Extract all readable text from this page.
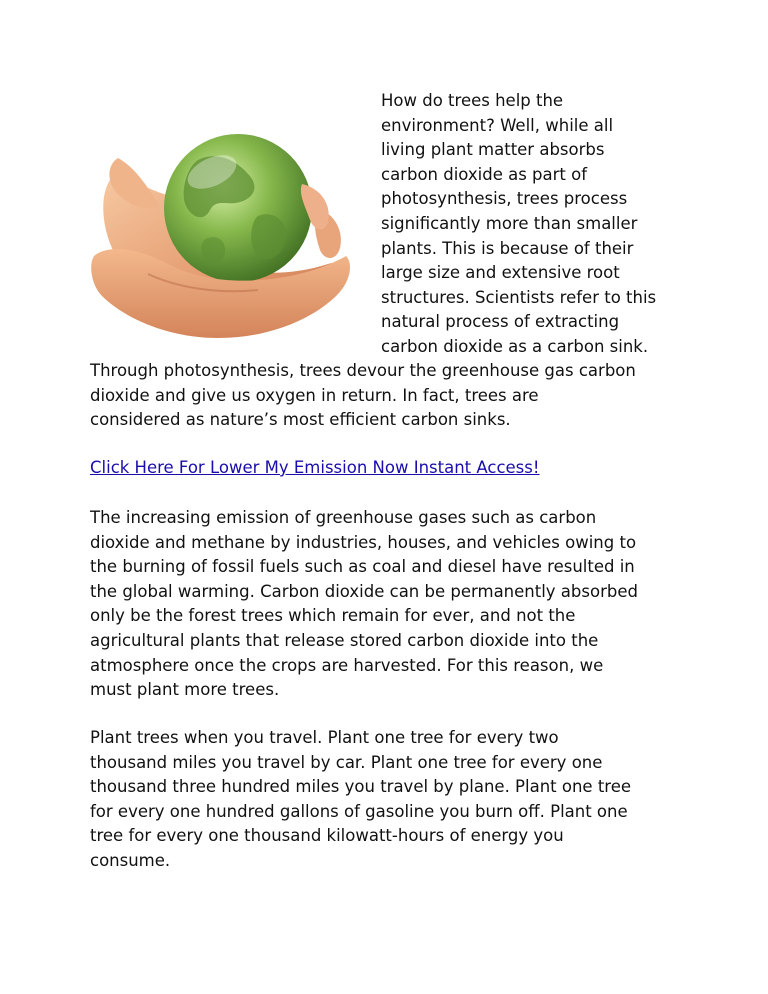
How do trees help the
environment? Well, while all
living plant matter absorbs
carbon dioxide as part of
photosynthesis, trees process
significantly more than smaller
plants. This is because of their
large size and extensive root
structures. Scientists refer to this
natural process of extracting
carbon dioxide as a carbon sink.
Through photosynthesis, trees devour the greenhouse gas carbon
dioxide and give us oxygen in return. In fact, trees are
considered as nature’s most efficient carbon sinks.
Click Here For Lower My Emission Now Instant Access!
The increasing emission of greenhouse gases such as carbon
dioxide and methane by industries, houses, and vehicles owing to
the burning of fossil fuels such as coal and diesel have resulted in
the global warming. Carbon dioxide can be permanently absorbed
only be the forest trees which remain for ever, and not the
agricultural plants that release stored carbon dioxide into the
atmosphere once the crops are harvested. For this reason, we
must plant more trees.
Plant trees when you travel. Plant one tree for every two
thousand miles you travel by car. Plant one tree for every one
thousand three hundred miles you travel by plane. Plant one tree
for every one hundred gallons of gasoline you burn off. Plant one
tree for every one thousand kilowatt-hours of energy you
consume.
